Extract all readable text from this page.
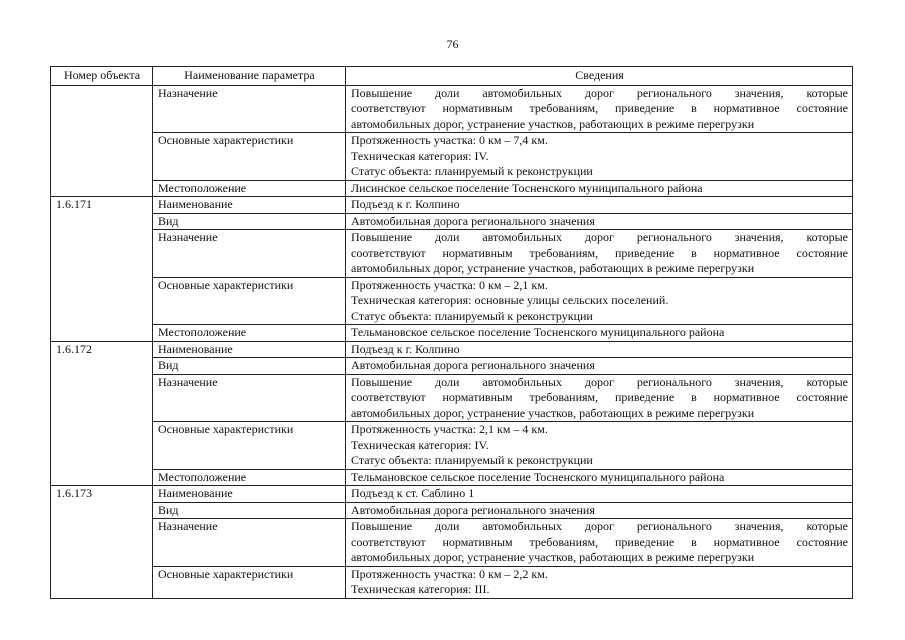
76
Номер объекта	Наименование параметра	Сведения
	Назначение	Повышение доли автомобильных дорог регионального значения, которые
соответствуют нормативным требованиям, приведение в нормативное состояние
автомобильных дорог, устранение участков, работающих в режиме перегрузки

	Основные характеристики	Протяженность участка: 0 км – 7,4 км.
Техническая категория: IV.
Статус объекта: планируемый к реконструкции

	Местоположение	Лисинское сельское поселение Тосненского муниципального района

1.6.171	Наименование	Подъезд к г. Колпино

	Вид	Автомобильная дорога регионального значения

	Назначение	Повышение доли автомобильных дорог регионального значения, которые
соответствуют нормативным требованиям, приведение в нормативное состояние
автомобильных дорог, устранение участков, работающих в режиме перегрузки

	Основные характеристики	Протяженность участка: 0 км – 2,1 км.
Техническая категория: основные улицы сельских поселений.
Статус объекта: планируемый к реконструкции

	Местоположение	Тельмановское сельское поселение Тосненского муниципального района

1.6.172	Наименование	Подъезд к г. Колпино

	Вид	Автомобильная дорога регионального значения

	Назначение	Повышение доли автомобильных дорог регионального значения, которые
соответствуют нормативным требованиям, приведение в нормативное состояние
автомобильных дорог, устранение участков, работающих в режиме перегрузки

	Основные характеристики	Протяженность участка: 2,1 км – 4 км.
Техническая категория: IV.
Статус объекта: планируемый к реконструкции

	Местоположение	Тельмановское сельское поселение Тосненского муниципального района

1.6.173	Наименование	Подъезд к ст. Саблино 1

	Вид	Автомобильная дорога регионального значения

	Назначение	Повышение доли автомобильных дорог регионального значения, которые
соответствуют нормативным требованиям, приведение в нормативное состояние
автомобильных дорог, устранение участков, работающих в режиме перегрузки

	Основные характеристики	Протяженность участка: 0 км – 2,2 км.
Техническая категория: III.
